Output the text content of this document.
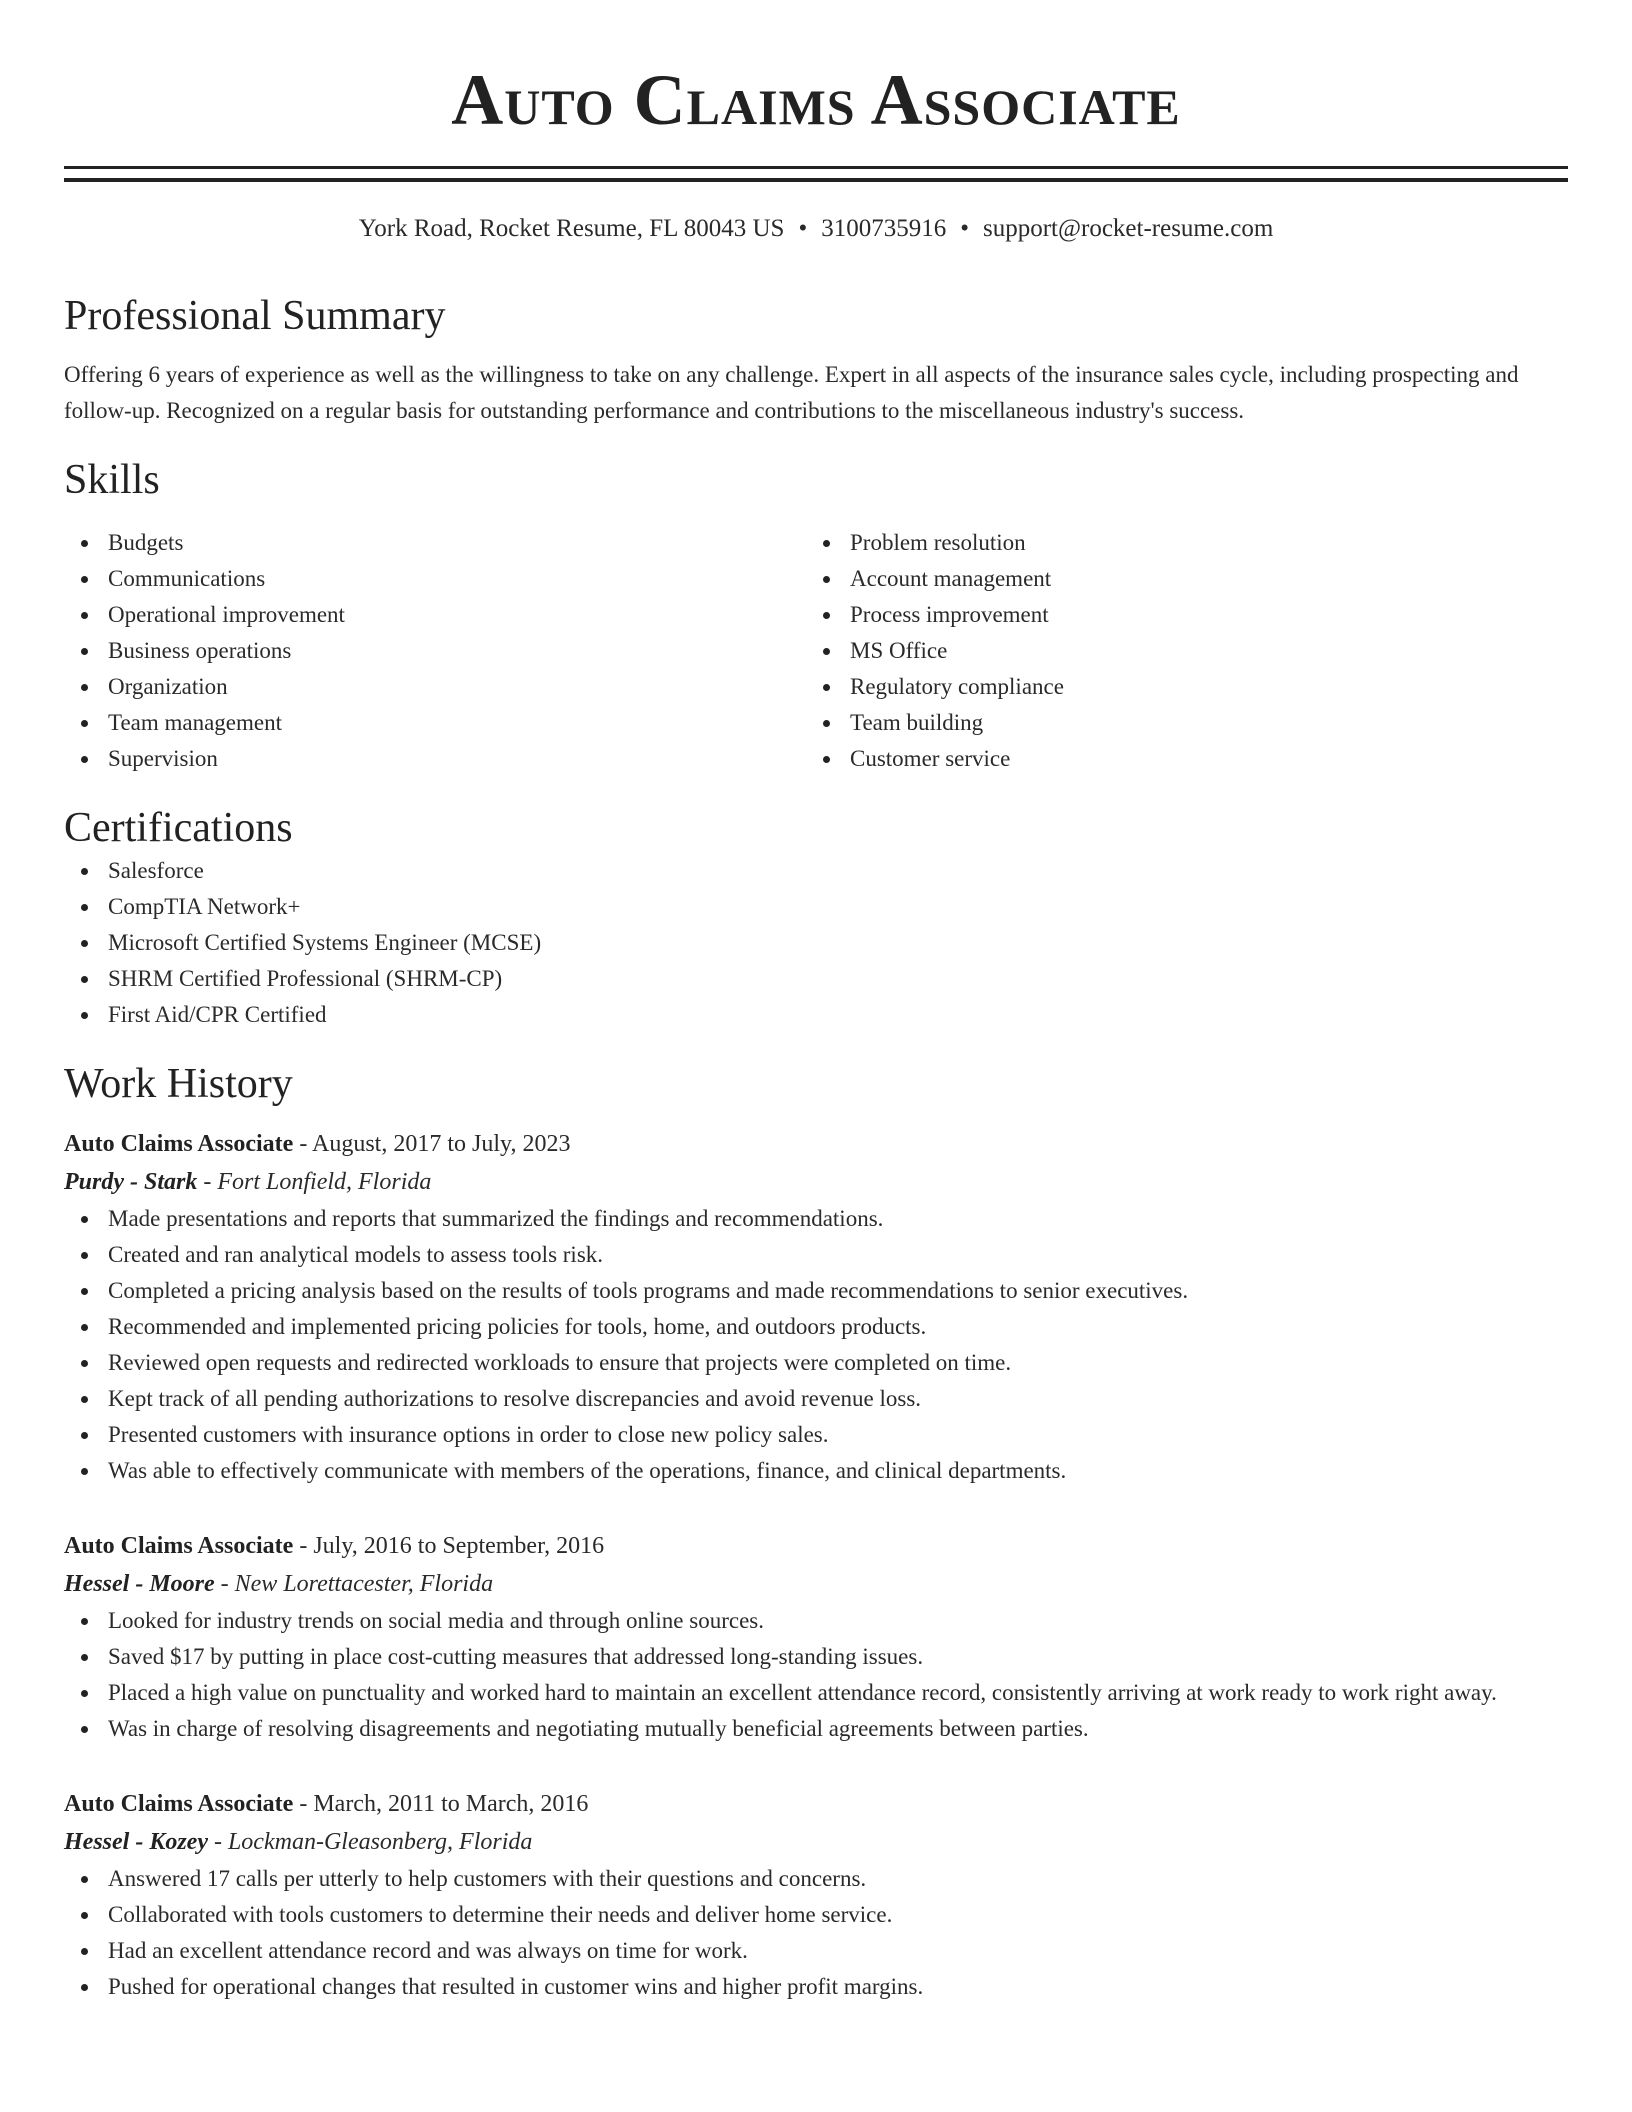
Auto Claims Associate
York Road, Rocket Resume, FL 80043 US • 3100735916 • support@rocket-resume.com
Professional Summary

Offering 6 years of experience as well as the willingness to take on any challenge. Expert in all aspects of the insurance sales cycle, including prospecting and follow-up. Recognized on a regular basis for outstanding performance and contributions to the miscellaneous industry's success.

Skills
Budgets
Communications
Operational improvement
Business operations
Organization
Team management
Supervision
Problem resolution
Account management
Process improvement
MS Office
Regulatory compliance
Team building
Customer service
Certifications
Salesforce
CompTIA Network+
Microsoft Certified Systems Engineer (MCSE)
SHRM Certified Professional (SHRM-CP)
First Aid/CPR Certified
Work History
Auto Claims Associate - August, 2017 to July, 2023
Purdy - Stark - Fort Lonfield, Florida
Made presentations and reports that summarized the findings and recommendations.
Created and ran analytical models to assess tools risk.
Completed a pricing analysis based on the results of tools programs and made recommendations to senior executives.
Recommended and implemented pricing policies for tools, home, and outdoors products.
Reviewed open requests and redirected workloads to ensure that projects were completed on time.
Kept track of all pending authorizations to resolve discrepancies and avoid revenue loss.
Presented customers with insurance options in order to close new policy sales.
Was able to effectively communicate with members of the operations, finance, and clinical departments.
Auto Claims Associate - July, 2016 to September, 2016
Hessel - Moore - New Lorettacester, Florida
Looked for industry trends on social media and through online sources.
Saved $17 by putting in place cost-cutting measures that addressed long-standing issues.
Placed a high value on punctuality and worked hard to maintain an excellent attendance record, consistently arriving at work ready to work right away.
Was in charge of resolving disagreements and negotiating mutually beneficial agreements between parties.
Auto Claims Associate - March, 2011 to March, 2016
Hessel - Kozey - Lockman-Gleasonberg, Florida
Answered 17 calls per utterly to help customers with their questions and concerns.
Collaborated with tools customers to determine their needs and deliver home service.
Had an excellent attendance record and was always on time for work.
Pushed for operational changes that resulted in customer wins and higher profit margins.
